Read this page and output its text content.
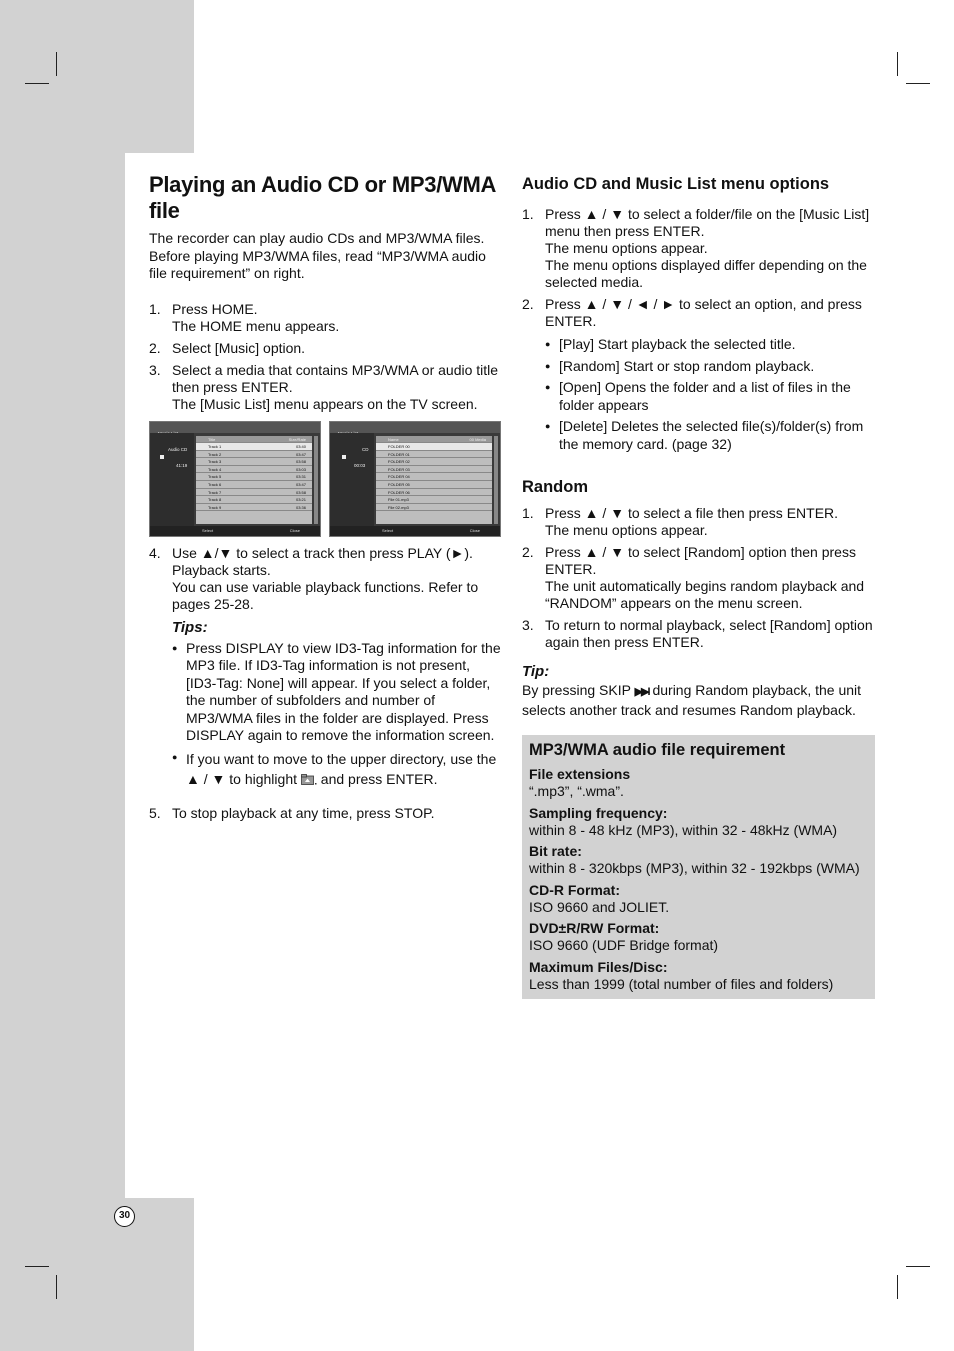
Playing an Audio CD or MP3/WMA file

The recorder can play audio CDs and MP3/WMA files. Before playing MP3/WMA files, read “MP3/WMA audio file requirement” on right.

1. Press HOME.
The HOME menu appears.
2. Select [Music] option.
3. Select a media that contains MP3/WMA or audio title then press ENTER.
The [Music List] menu appears on the TV screen.
Audio CD
41:19
Title	Size/Rate
Track 1	03:40
Track 2	03:47
Track 3	03:58
Track 4	03:03
Track 5	03:31
Track 6	03:47
Track 7	03:58
Track 8	03:21
Track 9	03:36
Select	Close
CD
00:03
Name	00 Media
FOLDER 00
FOLDER 01
FOLDER 02
FOLDER 03
FOLDER 04
FOLDER 05
FOLDER 06
File 01.mp3
File 02.mp3
Select	Close
4. Use ▲/▼ to select a track then press PLAY (►).
Playback starts.
You can use variable playback functions. Refer to pages 25-28.
Tips:
● Press DISPLAY to view ID3-Tag information for the MP3 file. If ID3-Tag information is not present, [ID3-Tag: None] will appear. If you select a folder, the number of subfolders and number of MP3/WMA files in the folder are displayed. Press DISPLAY again to remove the information screen.
● If you want to move to the upper directory, use the ▲ / ▼ to highlight and press ENTER.
5. To stop playback at any time, press STOP.
Audio CD and Music List menu options
1. Press ▲ / ▼ to select a folder/file on the [Music List] menu then press ENTER.
The menu options appear.
The menu options displayed differ depending on the selected media.
2. Press ▲ / ▼ / ◄ / ► to select an option, and press ENTER.
● [Play] Start playback the selected title.
● [Random] Start or stop random playback.
● [Open] Opens the folder and a list of files in the folder appears
● [Delete] Deletes the selected file(s)/folder(s) from the memory card. (page 32)
Random
1. Press ▲ / ▼ to select a file then press ENTER.
The menu options appear.
2. Press ▲ / ▼ to select [Random] option then press ENTER.
The unit automatically begins random playback and “RANDOM” appears on the menu screen.
3. To return to normal playback, select [Random] option again then press ENTER.
Tip:

By pressing SKIP ▶▶I during Random playback, the unit selects another track and resumes Random playback.

MP3/WMA audio file requirement
File extensions
“.mp3”, “.wma”.
Sampling frequency:
within 8 - 48 kHz (MP3), within 32 - 48kHz (WMA)
Bit rate:
within 8 - 320kbps (MP3), within 32 - 192kbps (WMA)
CD-R Format:
ISO 9660 and JOLIET.
DVD±R/RW Format:
ISO 9660 (UDF Bridge format)
Maximum Files/Disc:
Less than 1999 (total number of files and folders)
30
